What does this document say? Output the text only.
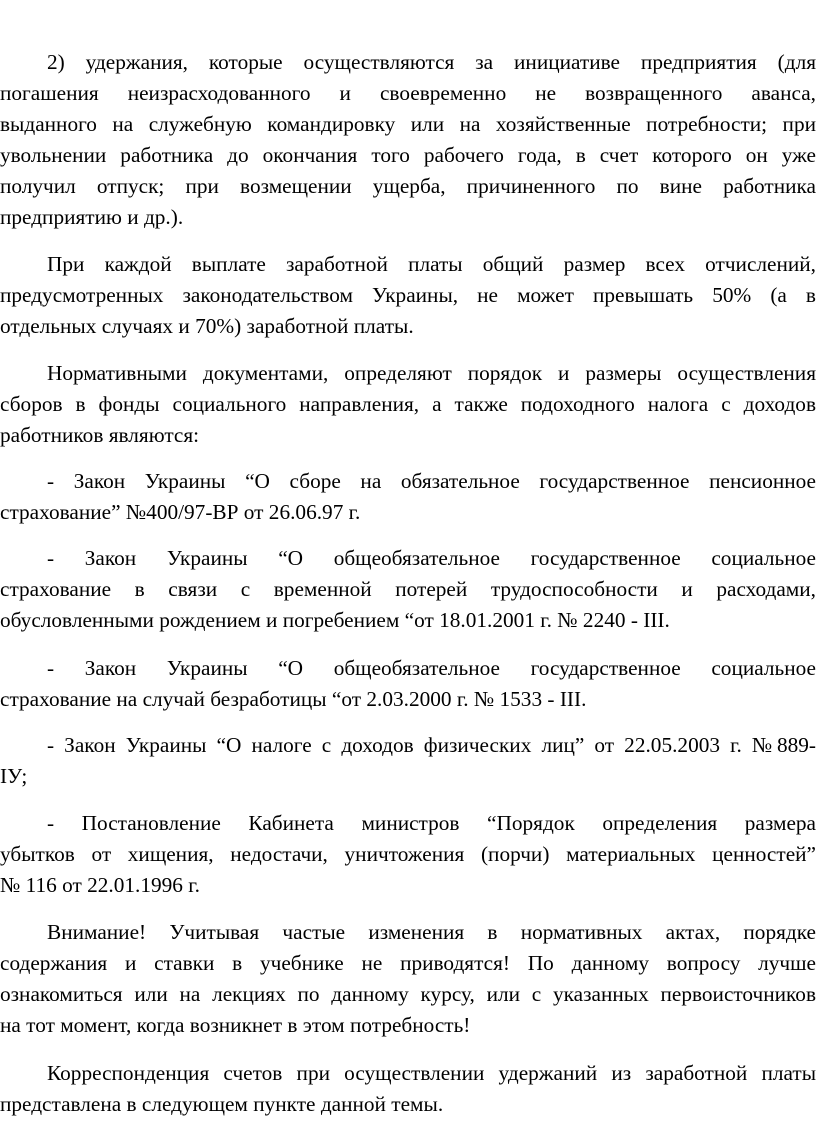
2) удержания, которые осуществляются за инициативе предприятия (для
погашения неизрасходованного и своевременно не возвращенного аванса,
выданного на служебную командировку или на хозяйственные потребности; при
увольнении работника до окончания того рабочего года, в счет которого он уже
получил отпуск; при возмещении ущерба, причиненного по вине работника
предприятию и др.).
При каждой выплате заработной платы общий размер всех отчислений,
предусмотренных законодательством Украины, не может превышать 50% (а в
отдельных случаях и 70%) заработной платы.
Нормативными документами, определяют порядок и размеры осуществления
сборов в фонды социального направления, а также подоходного налога с доходов
работников являются:
- Закон Украины “О сборе на обязательное государственное пенсионное
страхование” №400/97-ВР от 26.06.97 г.
- Закон Украины “О общеобязательное государственное социальное
страхование в связи с временной потерей трудоспособности и расходами,
обусловленными рождением и погребением “от 18.01.2001 г. № 2240 - III.
- Закон Украины “О общеобязательное государственное социальное
страхование на случай безработицы “от 2.03.2000 г. № 1533 - III.
- Закон Украины “О налоге с доходов физических лиц” от 22.05.2003 г. №889-
IУ;
- Постановление Кабинета министров “Порядок определения размера
убытков от хищения, недостачи, уничтожения (порчи) материальных ценностей”
№ 116 от 22.01.1996 г.
Внимание! Учитывая частые изменения в нормативных актах, порядке
содержания и ставки в учебнике не приводятся! По данному вопросу лучше
ознакомиться или на лекциях по данному курсу, или с указанных первоисточников
на тот момент, когда возникнет в этом потребность!
Корреспонденция счетов при осуществлении удержаний из заработной платы
представлена в следующем пункте данной темы.
